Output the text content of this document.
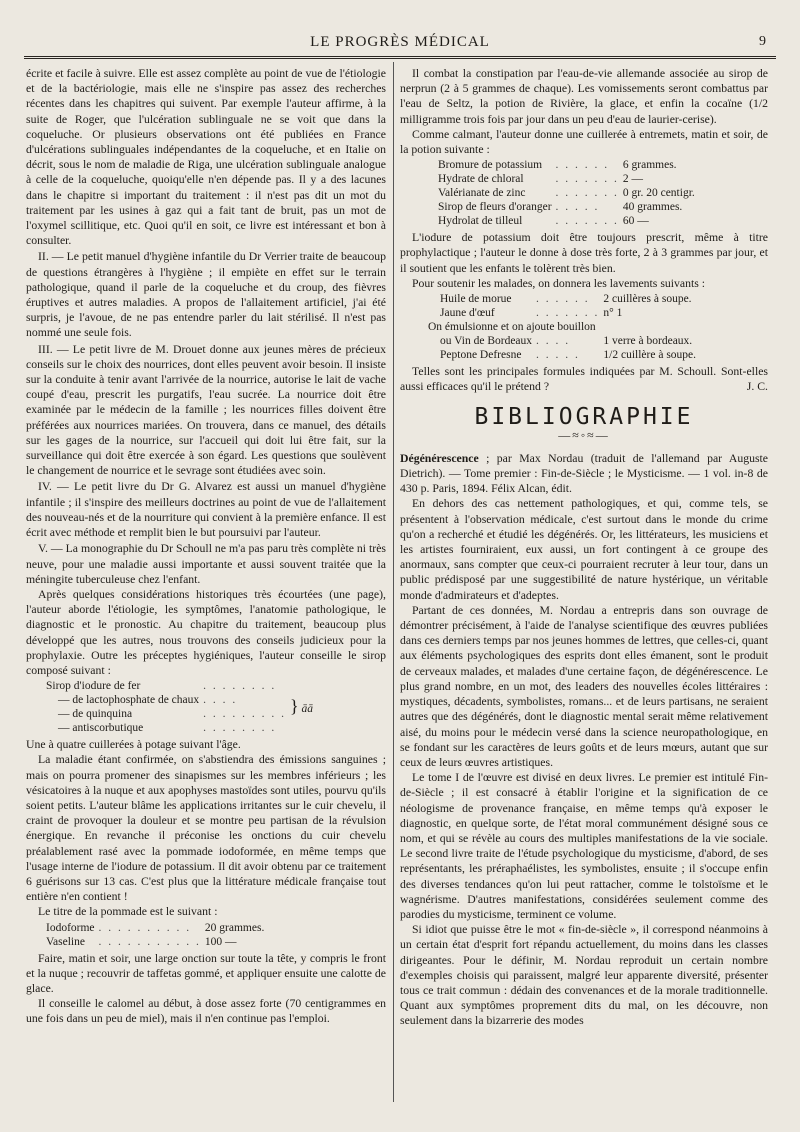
LE PROGRÈS MÉDICAL	9

écrite et facile à suivre. Elle est assez complète au point de vue de l'étiologie et de la bactériologie, mais elle ne s'inspire pas assez des recherches récentes dans les chapitres qui suivent. Par exemple l'auteur affirme, à la suite de Roger, que l'ulcération sublinguale ne se voit que dans la coqueluche. Or plusieurs observations ont été publiées en France d'ulcérations sublinguales indépendantes de la coqueluche, et en Italie on décrit, sous le nom de maladie de Riga, une ulcération sublinguale analogue à celle de la coqueluche, quoiqu'elle n'en dépende pas. Il y a des lacunes dans le chapitre si important du traitement : il n'est pas dit un mot du traitement par les usines à gaz qui a fait tant de bruit, pas un mot de l'oxymel scillitique, etc. Quoi qu'il en soit, ce livre est intéressant et bon à consulter.

II. — Le petit manuel d'hygiène infantile du Dr Verrier traite de beaucoup de questions étrangères à l'hygiène ; il empiète en effet sur le terrain pathologique, quand il parle de la coqueluche et du croup, des fièvres éruptives et autres maladies. A propos de l'allaitement artificiel, j'ai été surpris, je l'avoue, de ne pas entendre parler du lait stérilisé. Il n'est pas nommé une seule fois.

III. — Le petit livre de M. Drouet donne aux jeunes mères de précieux conseils sur le choix des nourrices, dont elles peuvent avoir besoin. Il insiste sur la conduite à tenir avant l'arrivée de la nourrice, autorise le lait de vache coupé d'eau, prescrit les purgatifs, l'eau sucrée. La nourrice doit être examinée par le médecin de la famille ; les nourrices filles doivent être préférées aux nourrices mariées. On trouvera, dans ce manuel, des détails sur les gages de la nourrice, sur l'accueil qui doit lui être fait, sur la surveillance qui doit être exercée à son égard. Les questions que soulèvent le changement de nourrice et le sevrage sont étudiées avec soin.

IV. — Le petit livre du Dr G. Alvarez est aussi un manuel d'hygiène infantile ; il s'inspire des meilleurs doctrines au point de vue de l'allaitement des nouveau-nés et de la nourriture qui convient à la première enfance. Il est écrit avec méthode et remplit bien le but poursuivi par l'auteur.

V. — La monographie du Dr Schoull ne m'a pas paru très complète ni très neuve, pour une maladie aussi importante et aussi souvent traitée que la méningite tuberculeuse chez l'enfant.

Après quelques considérations historiques très écourtées (une page), l'auteur aborde l'étiologie, les symptômes, l'anatomie pathologique, le diagnostic et le pronostic. Au chapitre du traitement, beaucoup plus développé que les autres, nous trouvons des conseils judicieux pour la prophylaxie. Outre les préceptes hygiéniques, l'auteur conseille le sirop composé suivant :

Sirop d'iodure de fer	. . . . . . . .	} āā
— de lactophosphate de chaux	. . . .	
— de quinquina	. . . . . . . . .	
— antiscorbutique	. . . . . . . .	

Une à quatre cuillerées à potage suivant l'âge.

La maladie étant confirmée, on s'abstiendra des émissions sanguines ; mais on pourra promener des sinapismes sur les membres inférieurs ; les vésicatoires à la nuque et aux apophyses mastoïdes sont utiles, pourvu qu'ils soient petits. L'auteur blâme les applications irritantes sur le cuir chevelu, il craint de provoquer la douleur et se montre peu partisan de la révulsion énergique. En revanche il préconise les onctions du cuir chevelu préalablement rasé avec la pommade iodoformée, en même temps que l'usage interne de l'iodure de potassium. Il dit avoir obtenu par ce traitement 6 guérisons sur 13 cas. C'est plus que la littérature médicale française tout entière n'en contient !

Le titre de la pommade est le suivant :

Iodoforme	. . . . . . . . . .	20 grammes.
Vaseline	. . . . . . . . . . .	100 —

Faire, matin et soir, une large onction sur toute la tête, y compris le front et la nuque ; recouvrir de taffetas gommé, et appliquer ensuite une calotte de glace.

Il conseille le calomel au début, à dose assez forte (70 centigrammes en une fois dans un peu de miel), mais il n'en continue pas l'emploi.

Il combat la constipation par l'eau-de-vie allemande associée au sirop de nerprun (2 à 5 grammes de chaque). Les vomissements seront combattus par l'eau de Seltz, la potion de Rivière, la glace, et enfin la cocaïne (1/2 milligramme trois fois par jour dans un peu d'eau de laurier-cerise).

Comme calmant, l'auteur donne une cuillerée à entremets, matin et soir, de la potion suivante :

Bromure de potassium	. . . . . .	6 grammes.
Hydrate de chloral	. . . . . . .	2 —
Valérianate de zinc	. . . . . . .	0 gr. 20 centigr.
Sirop de fleurs d'oranger	. . . . .	40 grammes.
Hydrolat de tilleul	. . . . . . .	60 —

L'iodure de potassium doit être toujours prescrit, même à titre prophylactique ; l'auteur le donne à dose très forte, 2 à 3 grammes par jour, et il soutient que les enfants le tolèrent très bien.

Pour soutenir les malades, on donnera les lavements suivants :

Huile de morue	. . . . . .	2 cuillères à soupe.
Jaune d'œuf	. . . . . . .	n° 1
On émulsionne et on ajoute bouillon		
ou Vin de Bordeaux	. . . .	1 verre à bordeaux.
Peptone Defresne	. . . . .	1/2 cuillère à soupe.

Telles sont les principales formules indiquées par M. Schoull. Sont-elles aussi efficaces qu'il le prétend ?	J. C.

BIBLIOGRAPHIE
—≈◦≈—

Dégénérescence ; par Max Nordau (traduit de l'allemand par Auguste Dietrich). — Tome premier : Fin-de-Siècle ; le Mysticisme. — 1 vol. in-8 de 430 p. Paris, 1894. Félix Alcan, édit.

En dehors des cas nettement pathologiques, et qui, comme tels, se présentent à l'observation médicale, c'est surtout dans le monde du crime qu'on a recherché et étudié les dégénérés. Or, les littérateurs, les musiciens et les artistes fourniraient, eux aussi, un fort contingent à ce groupe des anormaux, sans compter que ceux-ci pourraient recruter à leur tour, dans un public prédisposé par une suggestibilité de nature hystérique, un véritable monde d'admirateurs et d'adeptes.

Partant de ces données, M. Nordau a entrepris dans son ouvrage de démontrer précisément, à l'aide de l'analyse scientifique des œuvres publiées dans ces derniers temps par nos jeunes hommes de lettres, que celles-ci, quant aux éléments psychologiques des esprits dont elles émanent, sont le produit de cerveaux malades, et malades d'une certaine façon, de dégénérescence. Le plus grand nombre, en un mot, des leaders des nouvelles écoles littéraires : mystiques, décadents, symbolistes, romans... et de leurs partisans, ne seraient autres que des dégénérés, dont le diagnostic mental serait même relativement aisé, du moins pour le médecin versé dans la science neuropathologique, en se fondant sur les caractères de leurs goûts et de leurs mœurs, autant que sur ceux de leurs œuvres artistiques.

Le tome I de l'œuvre est divisé en deux livres. Le premier est intitulé Fin-de-Siècle ; il est consacré à établir l'origine et la signification de ce néologisme de provenance française, en même temps qu'à exposer le diagnostic, en quelque sorte, de l'état moral communément désigné sous ce nom, et qui se révèle au cours des multiples manifestations de la vie sociale. Le second livre traite de l'étude psychologique du mysticisme, d'abord, de ses représentants, les préraphaélistes, les symbolistes, ensuite ; il s'occupe enfin des diverses tendances qu'on lui peut rattacher, comme le tolstoïsme et le wagnérisme. D'autres manifestations, considérées seulement comme des parodies du mysticisme, terminent ce volume.

Si idiot que puisse être le mot « fin-de-siècle », il correspond néanmoins à un certain état d'esprit fort répandu actuellement, du moins dans les classes dirigeantes. Pour le définir, M. Nordau reproduit un certain nombre d'exemples choisis qui paraissent, malgré leur apparente diversité, présenter tous ce trait commun : dédain des convenances et de la morale traditionnelle. Quant aux symptômes proprement dits du mal, on les découvre, non seulement dans la bizarrerie des modes
